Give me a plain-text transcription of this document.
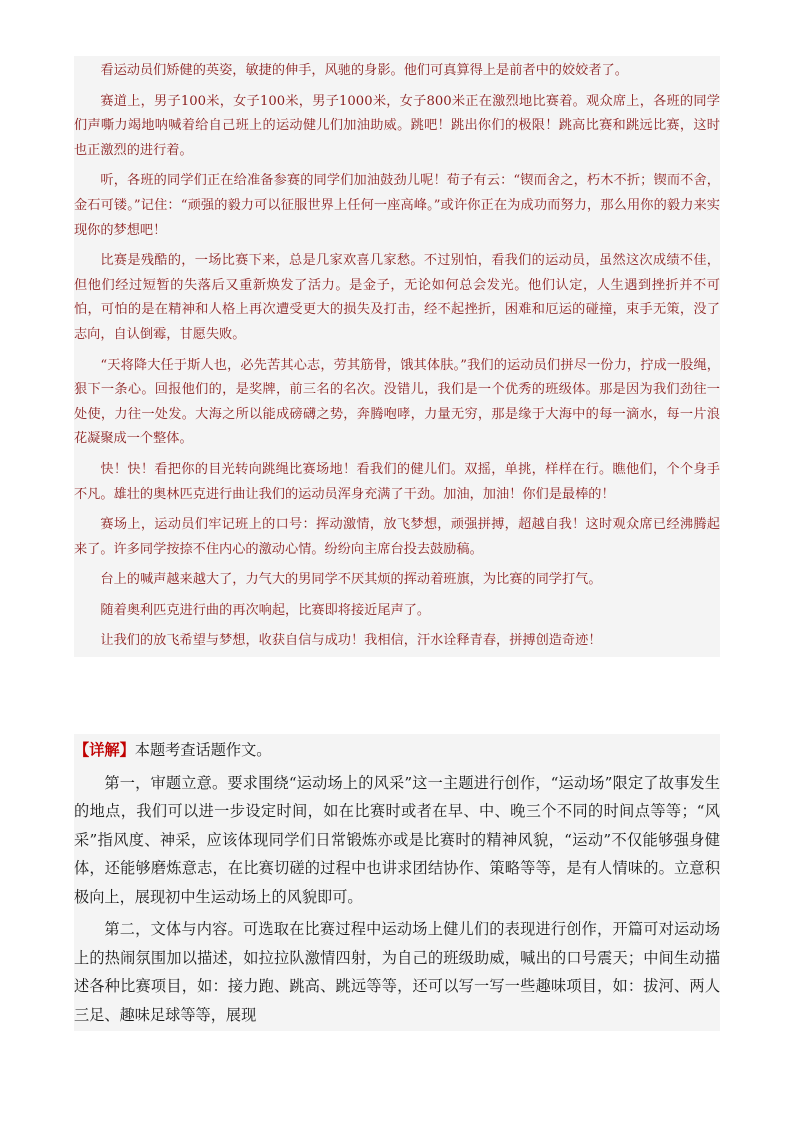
看运动员们矫健的英姿，敏捷的伸手，风驰的身影。他们可真算得上是前者中的姣姣者了。

赛道上，男子100米，女子100米，男子1000米，女子800米正在激烈地比赛着。观众席上，各班的同学们声嘶力竭地呐喊着给自己班上的运动健儿们加油助威。跳吧！跳出你们的极限！跳高比赛和跳远比赛，这时也正激烈的进行着。

听，各班的同学们正在给准备参赛的同学们加油鼓劲儿呢！荀子有云：“锲而舍之，朽木不折；锲而不舍，金石可镂。”记住：“顽强的毅力可以征服世界上任何一座高峰。”或许你正在为成功而努力，那么用你的毅力来实现你的梦想吧！

比赛是残酷的，一场比赛下来，总是几家欢喜几家愁。不过别怕，看我们的运动员，虽然这次成绩不佳，但他们经过短暂的失落后又重新焕发了活力。是金子，无论如何总会发光。他们认定，人生遇到挫折并不可怕，可怕的是在精神和人格上再次遭受更大的损失及打击，经不起挫折，困难和厄运的碰撞，束手无策，没了志向，自认倒霉，甘愿失败。

“天将降大任于斯人也，必先苦其心志，劳其筋骨，饿其体肤。”我们的运动员们拼尽一份力，拧成一股绳，狠下一条心。回报他们的，是奖牌，前三名的名次。没错儿，我们是一个优秀的班级体。那是因为我们劲往一处使，力往一处发。大海之所以能成磅礴之势，奔腾咆哮，力量无穷，那是缘于大海中的每一滴水，每一片浪花凝聚成一个整体。

快！快！看把你的目光转向跳绳比赛场地！看我们的健儿们。双摇，单挑，样样在行。瞧他们，个个身手不凡。雄壮的奥林匹克进行曲让我们的运动员浑身充满了干劲。加油，加油！你们是最棒的！

赛场上，运动员们牢记班上的口号：挥动激情，放飞梦想，顽强拼搏，超越自我！这时观众席已经沸腾起来了。许多同学按捺不住内心的激动心情。纷纷向主席台投去鼓励稿。

台上的喊声越来越大了，力气大的男同学不厌其烦的挥动着班旗，为比赛的同学打气。

随着奥利匹克进行曲的再次响起，比赛即将接近尾声了。

让我们的放飞希望与梦想，收获自信与成功！我相信，汗水诠释青春，拼搏创造奇迹！

【详解】本题考查话题作文。

第一，审题立意。要求围绕“运动场上的风采”这一主题进行创作，“运动场”限定了故事发生的地点，我们可以进一步设定时间，如在比赛时或者在早、中、晚三个不同的时间点等等；“风采”指风度、神采，应该体现同学们日常锻炼亦或是比赛时的精神风貌，“运动”不仅能够强身健体，还能够磨炼意志，在比赛切磋的过程中也讲求团结协作、策略等等，是有人情味的。立意积极向上，展现初中生运动场上的风貌即可。

第二，文体与内容。可选取在比赛过程中运动场上健儿们的表现进行创作，开篇可对运动场上的热闹氛围加以描述，如拉拉队激情四射，为自己的班级助威，喊出的口号震天；中间生动描述各种比赛项目，如：接力跑、跳高、跳远等等，还可以写一写一些趣味项目，如：拔河、两人三足、趣味足球等等，展现
